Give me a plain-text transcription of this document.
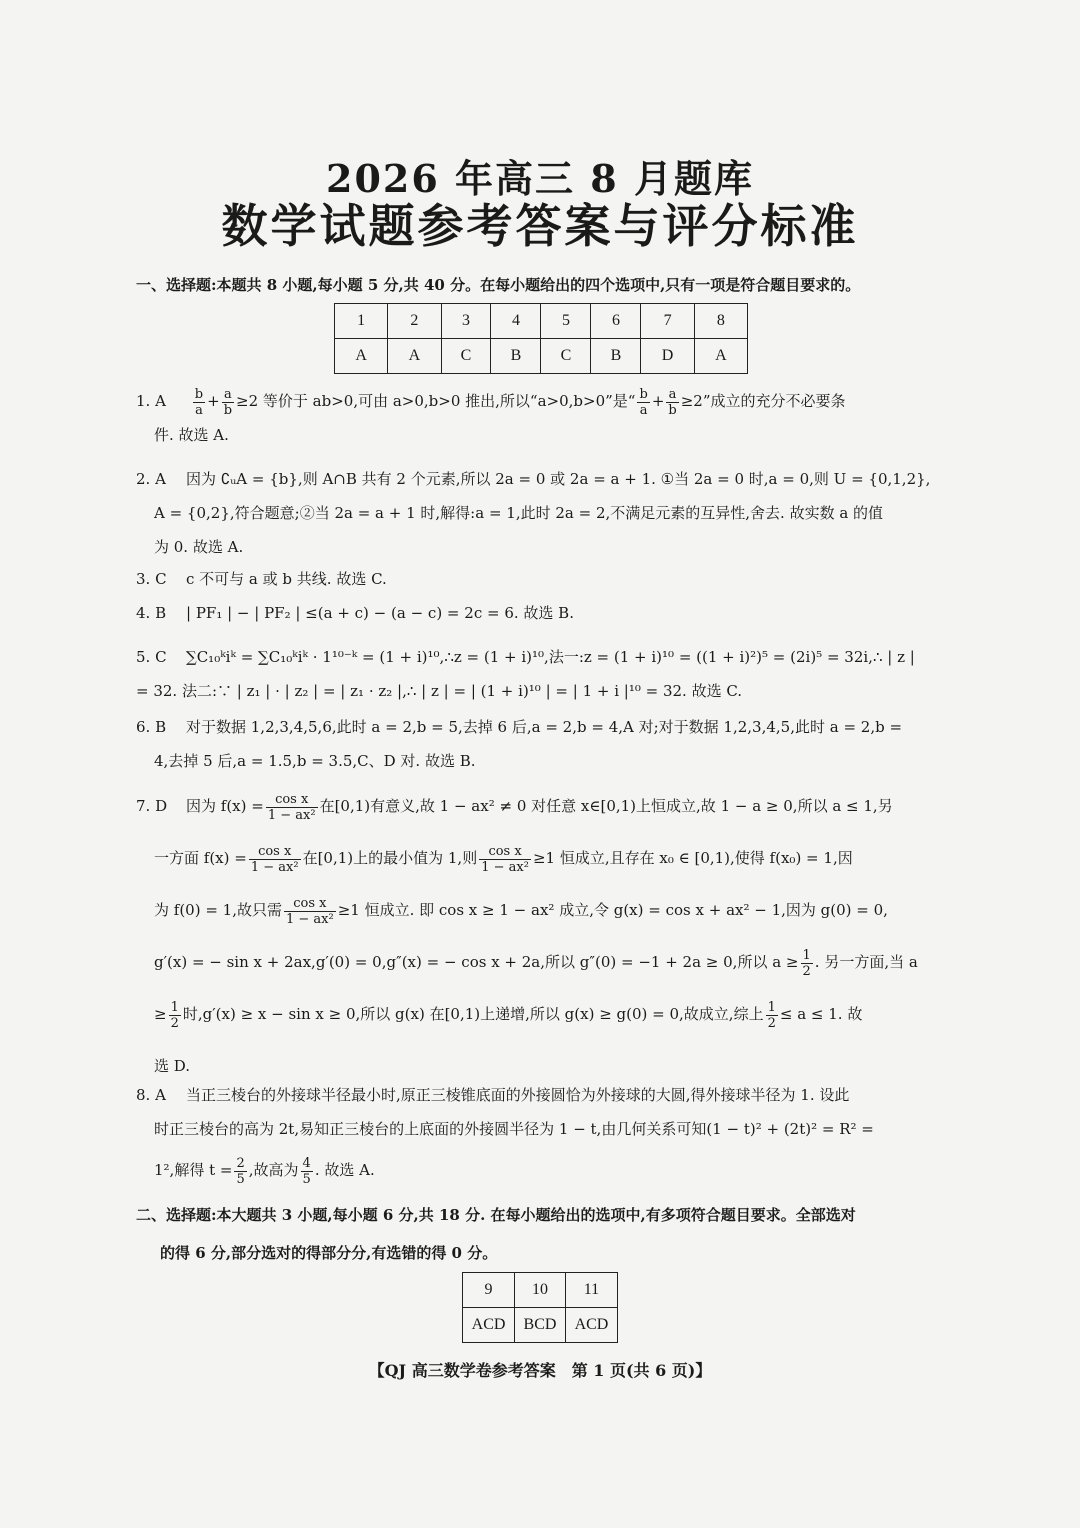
2026 年高三 8 月题库
数学试题参考答案与评分标准
一、选择题:本题共 8 小题,每小题 5 分,共 40 分。在每小题给出的四个选项中,只有一项是符合题目要求的。
1	2	3	4	5	6	7	8
A	A	C	B	C	B	D	A
1. A $\frac{b}{a} + \frac{a}{b} \ge 2$ 等价于 ab>0,可由 a>0,b>0 推出,所以“a>0,b>0”是“ $\frac{b}{a} + \frac{a}{b} \ge 2$”成立的充分不必要条
件. 故选 A.
2. A 因为 ∁ᵤA = {b},则 A∩B 共有 2 个元素,所以 2a = 0 或 2a = a + 1. ①当 2a = 0 时,a = 0,则 U = {0,1,2},
A = {0,2},符合题意;②当 2a = a + 1 时,解得:a = 1,此时 2a = 2,不满足元素的互异性,舍去. 故实数 a 的值
为 0. 故选 A.
3. C c 不可与 a 或 b 共线. 故选 C.
4. B | PF₁ | − | PF₂ | ≤(a + c) − (a − c) = 2c = 6. 故选 B.
5. C ∑C₁₀ᵏiᵏ = ∑C₁₀ᵏiᵏ · 1¹⁰⁻ᵏ = (1 + i)¹⁰,∴z = (1 + i)¹⁰,法一:z = (1 + i)¹⁰ = ((1 + i)²)⁵ = (2i)⁵ = 32i,∴ | z |
= 32. 法二:∵ | z₁ | · | z₂ | = | z₁ · z₂ |,∴ | z | = | (1 + i)¹⁰ | = | 1 + i |¹⁰ = 32. 故选 C.
6. B 对于数据 1,2,3,4,5,6,此时 a = 2,b = 5,去掉 6 后,a = 2,b = 4,A 对;对于数据 1,2,3,4,5,此时 a = 2,b =
4,去掉 5 后,a = 1.5,b = 3.5,C、D 对. 故选 B.
7. D 因为 $f(x) = \frac{\text{cos x}}{\text{1 − ax²}}$ 在[0,1)有意义,故 1 − ax² ≠ 0 对任意 x∈[0,1)上恒成立,故 1 − a ≥ 0,所以 a ≤ 1,另
一方面 $f(x) = \frac{\text{cos x}}{\text{1 − ax²}}$ 在[0,1)上的最小值为 1,则 $\frac{\text{cos x}}{\text{1 − ax²}} \ge 1$ 恒成立,且存在 x₀ ∈ [0,1),使得 f(x₀) = 1,因
为 f(0) = 1,故只需 $\frac{\text{cos x}}{\text{1 − ax²}} \ge 1$ 恒成立. 即 cos x ≥ 1 − ax² 成立,令 g(x) = cos x + ax² − 1,因为 g(0) = 0,
g′(x) = − sin x + 2ax,g′(0) = 0,g″(x) = − cos x + 2a,所以 g″(0) = −1 + 2a ≥ 0,所以 $a \ge \frac{1}{2}$ . 另一方面,当 a
≥ $\frac{1}{2}$ 时,g′(x) ≥ x − sin x ≥ 0,所以 g(x) 在[0,1)上递增,所以 g(x) ≥ g(0) = 0,故成立,综上 $\frac{1}{2} \le a \le 1$. 故
选 D.
8. A 当正三棱台的外接球半径最小时,原正三棱锥底面的外接圆恰为外接球的大圆,得外接球半径为 1. 设此
时正三棱台的高为 2t,易知正三棱台的上底面的外接圆半径为 1 − t,由几何关系可知(1 − t)² + (2t)² = R² =
1²,解得 $t = \frac{2}{5}$ ,故高为 $\frac{4}{5}$ . 故选 A.
二、选择题:本大题共 3 小题,每小题 6 分,共 18 分. 在每小题给出的选项中,有多项符合题目要求。全部选对
的得 6 分,部分选对的得部分分,有选错的得 0 分。
9	10	11
ACD	BCD	ACD
【QJ 高三数学卷参考答案　第 1 页(共 6 页)】
